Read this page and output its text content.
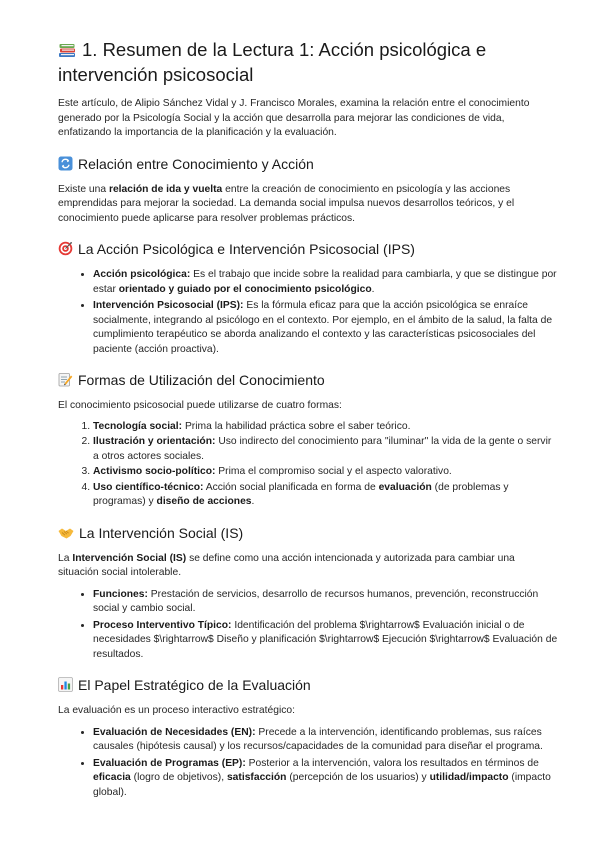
1. Resumen de la Lectura 1: Acción psicológica e intervención psicosocial

Este artículo, de Alipio Sánchez Vidal y J. Francisco Morales, examina la relación entre el conocimiento generado por la Psicología Social y la acción que desarrolla para mejorar las condiciones de vida, enfatizando la importancia de la planificación y la evaluación.

Relación entre Conocimiento y Acción

Existe una relación de ida y vuelta entre la creación de conocimiento en psicología y las acciones emprendidas para mejorar la sociedad. La demanda social impulsa nuevos desarrollos teóricos, y el conocimiento puede aplicarse para resolver problemas prácticos.

La Acción Psicológica e Intervención Psicosocial (IPS)
• Acción psicológica: Es el trabajo que incide sobre la realidad para cambiarla, y que se distingue por estar orientado y guiado por el conocimiento psicológico.
• Intervención Psicosocial (IPS): Es la fórmula eficaz para que la acción psicológica se enraíce socialmente, integrando al psicólogo en el contexto. Por ejemplo, en el ámbito de la salud, la falta de cumplimiento terapéutico se aborda analizando el contexto y las características psicosociales del paciente (acción proactiva).
Formas de Utilización del Conocimiento

El conocimiento psicosocial puede utilizarse de cuatro formas:

1. Tecnología social: Prima la habilidad práctica sobre el saber teórico.
2. Ilustración y orientación: Uso indirecto del conocimiento para "iluminar" la vida de la gente o servir a otros actores sociales.
3. Activismo socio-político: Prima el compromiso social y el aspecto valorativo.
4. Uso científico-técnico: Acción social planificada en forma de evaluación (de problemas y programas) y diseño de acciones.
La Intervención Social (IS)

La Intervención Social (IS) se define como una acción intencionada y autorizada para cambiar una situación social intolerable.

• Funciones: Prestación de servicios, desarrollo de recursos humanos, prevención, reconstrucción social y cambio social.
• Proceso Interventivo Típico: Identificación del problema $\rightarrow$ Evaluación inicial o de necesidades $\rightarrow$ Diseño y planificación $\rightarrow$ Ejecución $\rightarrow$ Evaluación de resultados.
El Papel Estratégico de la Evaluación

La evaluación es un proceso interactivo estratégico:

• Evaluación de Necesidades (EN): Precede a la intervención, identificando problemas, sus raíces causales (hipótesis causal) y los recursos/capacidades de la comunidad para diseñar el programa.
• Evaluación de Programas (EP): Posterior a la intervención, valora los resultados en términos de eficacia (logro de objetivos), satisfacción (percepción de los usuarios) y utilidad/impacto (impacto global).
